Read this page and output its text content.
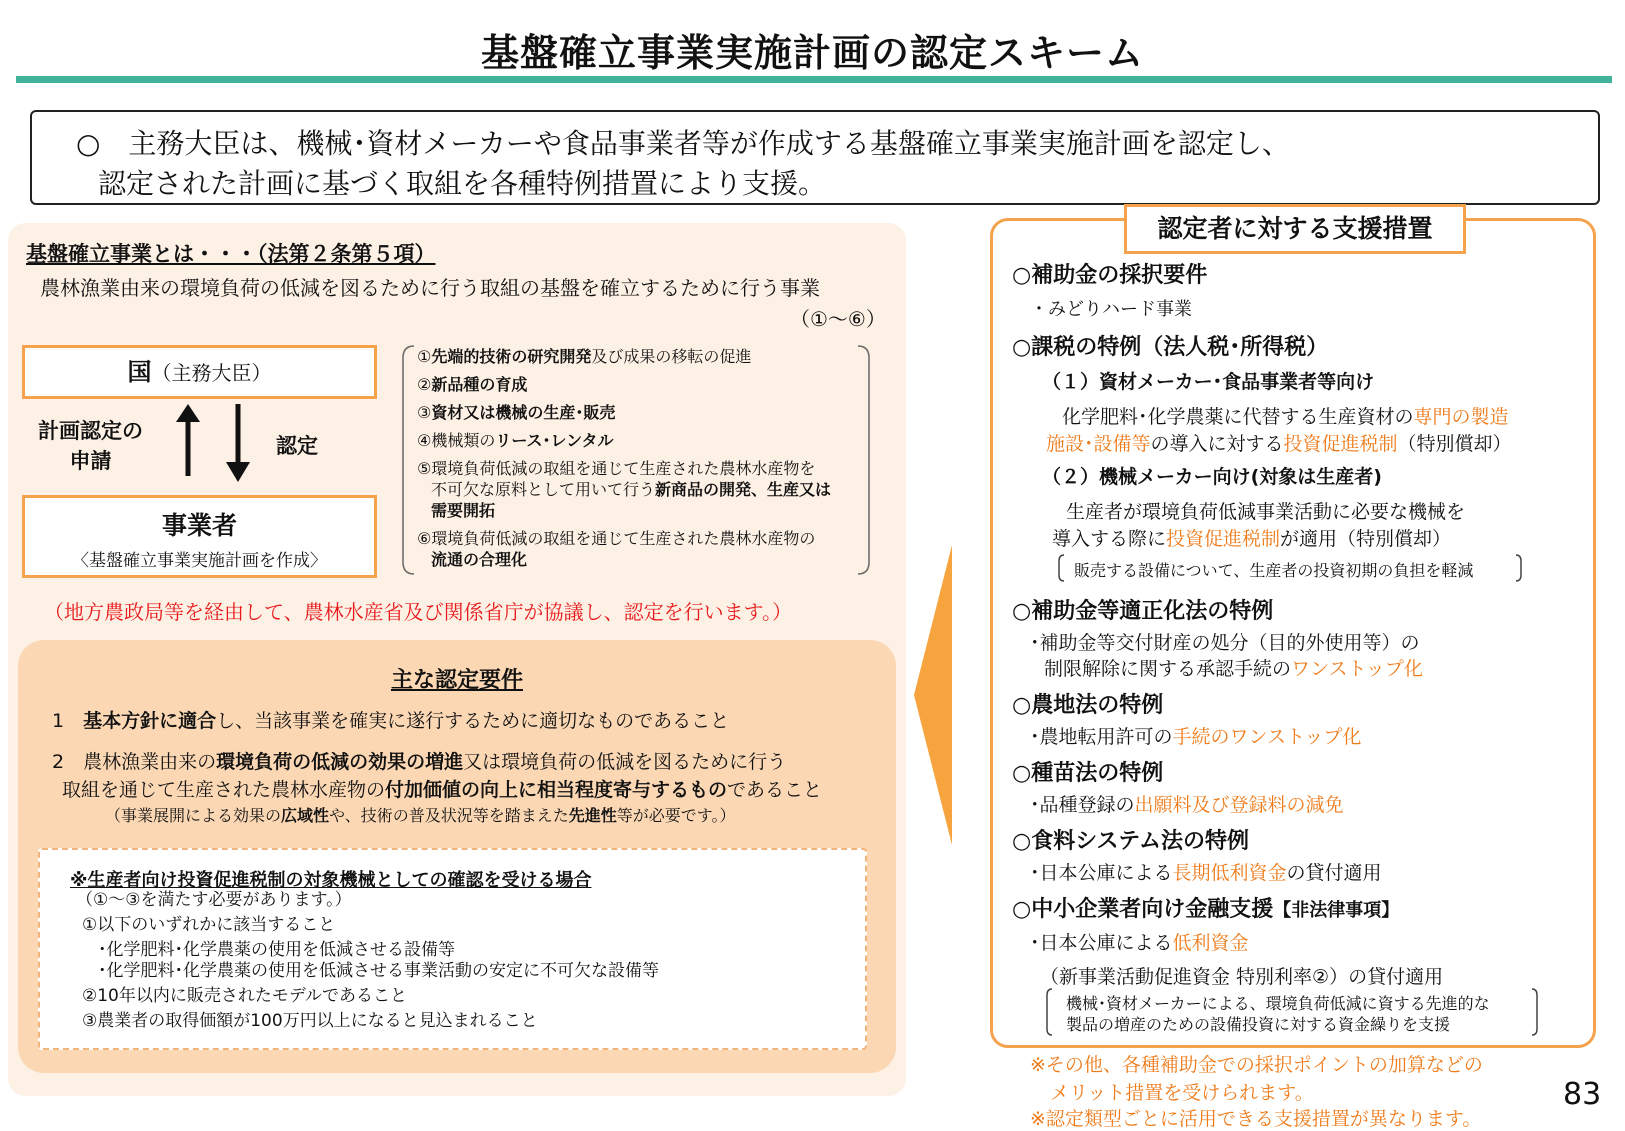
基盤確立事業実施計画の認定スキーム
○　主務大臣は、機械･資材メーカーや食品事業者等が作成する基盤確立事業実施計画を認定し、
認定された計画に基づく取組を各種特例措置により支援。
基盤確立事業とは・・・（法第２条第５項）
農林漁業由来の環境負荷の低減を図るために行う取組の基盤を確立するために行う事業
（①～⑥）
国（主務大臣）
計画認定の
申請
認定
事業者
〈基盤確立事業実施計画を作成〉
①先端的技術の研究開発及び成果の移転の促進
②新品種の育成
③資材又は機械の生産･販売
④機械類のリース･レンタル
⑤環境負荷低減の取組を通じて生産された農林水産物を
不可欠な原料として用いて行う新商品の開発、生産又は
需要開拓
⑥環境負荷低減の取組を通じて生産された農林水産物の
流通の合理化
（地方農政局等を経由して、農林水産省及び関係省庁が協議し、認定を行います。）
主な認定要件
1　 基本方針に適合し、当該事業を確実に遂行するために適切なものであること
2　 農林漁業由来の環境負荷の低減の効果の増進又は環境負荷の低減を図るために行う
取組を通じて生産された農林水産物の付加価値の向上に相当程度寄与するものであること
（事業展開による効果の広域性や、技術の普及状況等を踏まえた先進性等が必要です。）
※生産者向け投資促進税制の対象機械としての確認を受ける場合
（①～③を満たす必要があります。）
①以下のいずれかに該当すること
･化学肥料･化学農薬の使用を低減させる設備等
･化学肥料･化学農薬の使用を低減させる事業活動の安定に不可欠な設備等
②10年以内に販売されたモデルであること
③農業者の取得価額が100万円以上になると見込まれること
認定者に対する支援措置
○補助金の採択要件
・みどりハード事業
○課税の特例（法人税･所得税）
（１）資材メーカー･食品事業者等向け
化学肥料･化学農薬に代替する生産資材の専門の製造
施設･設備等の導入に対する投資促進税制（特別償却）
（２）機械メーカー向け(対象は生産者)
生産者が環境負荷低減事業活動に必要な機械を
導入する際に投資促進税制が適用（特別償却）
販売する設備について、生産者の投資初期の負担を軽減
○補助金等適正化法の特例
･補助金等交付財産の処分（目的外使用等）の
制限解除に関する承認手続のワンストップ化
○農地法の特例
･農地転用許可の手続のワンストップ化
○種苗法の特例
･品種登録の出願料及び登録料の減免
○食料システム法の特例
･日本公庫による長期低利資金の貸付適用
○中小企業者向け金融支援【非法律事項】
･日本公庫による低利資金
（新事業活動促進資金 特別利率②）の貸付適用
機械･資材メーカーによる、環境負荷低減に資する先進的な
製品の増産のための設備投資に対する資金繰りを支援
※その他、各種補助金での採択ポイントの加算などの
メリット措置を受けられます。
※認定類型ごとに活用できる支援措置が異なります。
83
